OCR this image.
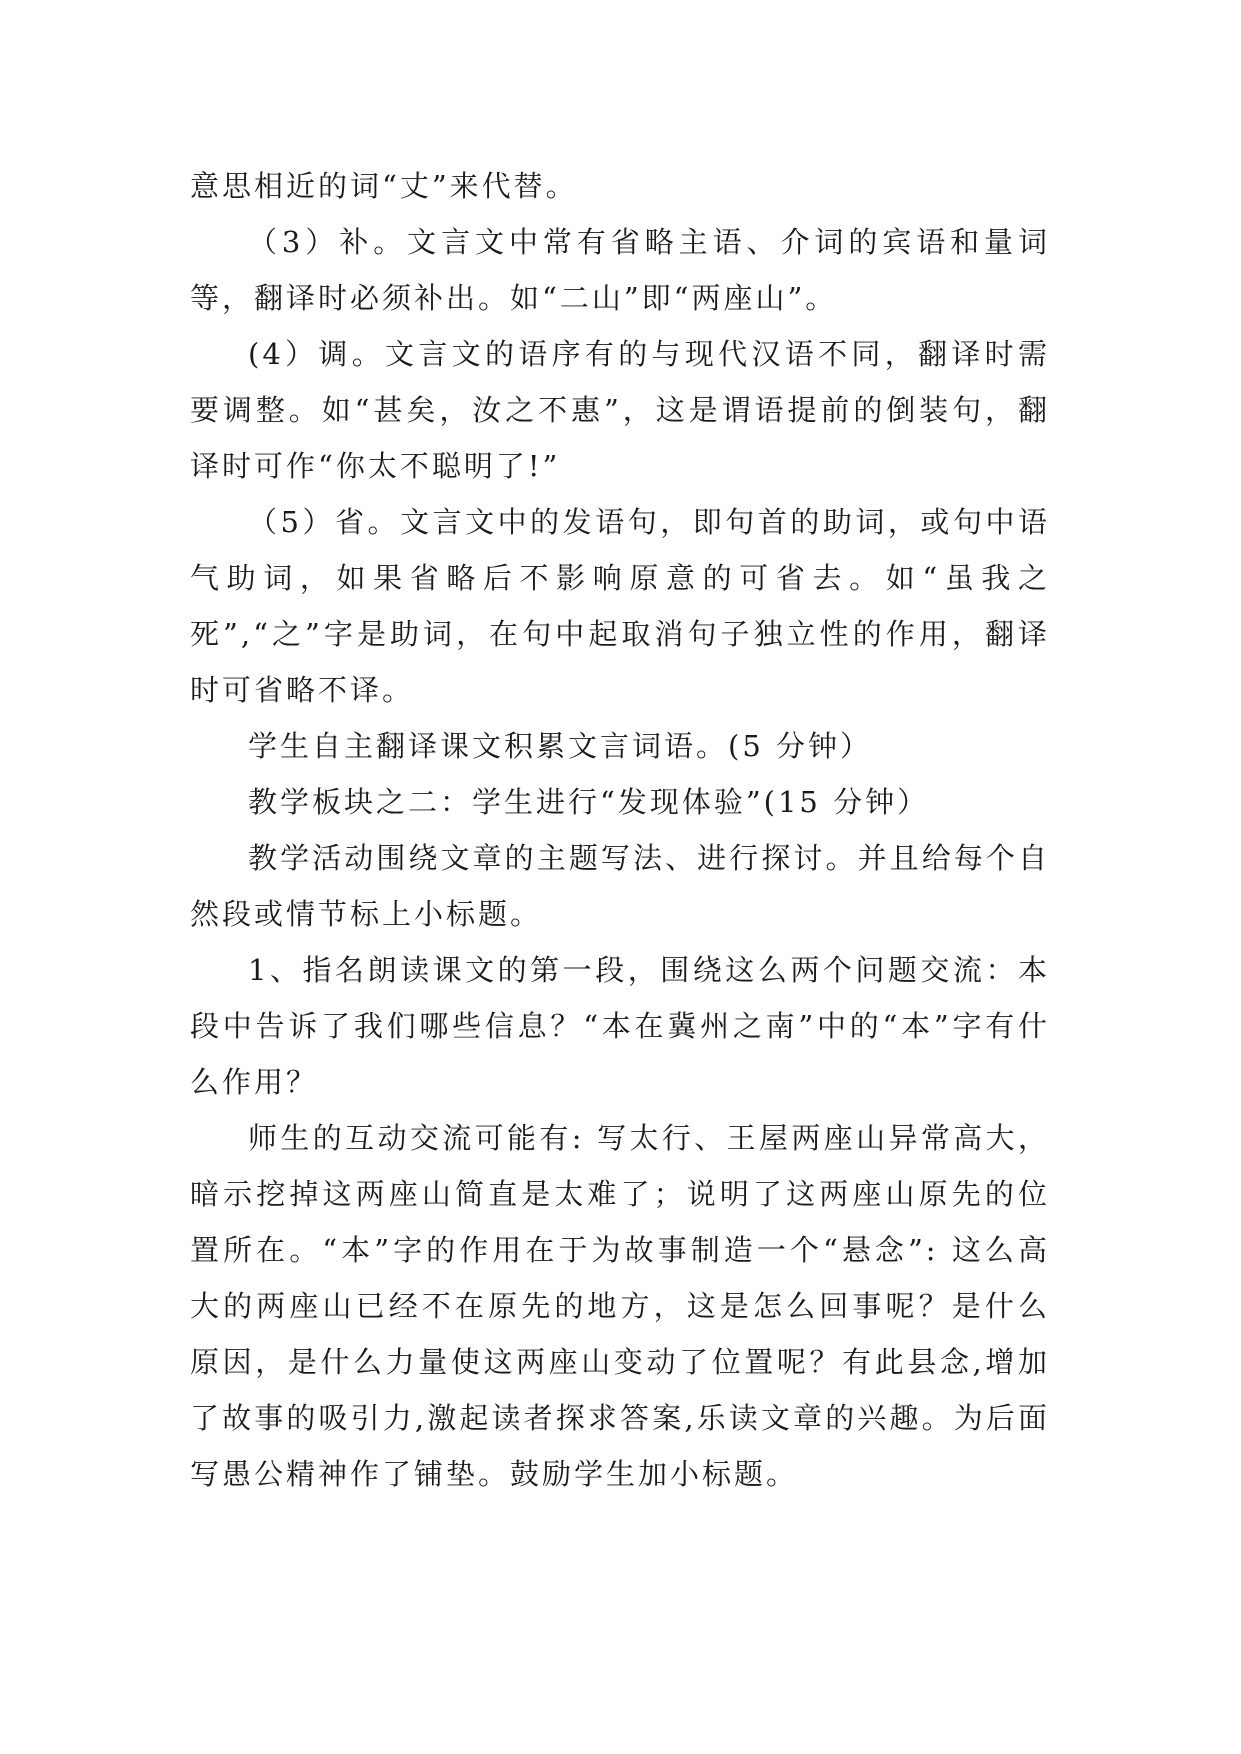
意思相近的词“丈”来代替。

（3）补。文言文中常有省略主语、介词的宾语和量词等，翻译时必须补出。如“二山”即“两座山”。

(4）调。文言文的语序有的与现代汉语不同，翻译时需要调整。如“甚矣，汝之不惠”，这是谓语提前的倒装句，翻译时可作“你太不聪明了!”

（5）省。文言文中的发语句，即句首的助词，或句中语气助词，如果省略后不影响原意的可省去。如“虽我之死”,“之”字是助词，在句中起取消句子独立性的作用，翻译时可省略不译。

学生自主翻译课文积累文言词语。(5 分钟）

教学板块之二：学生进行“发现体验”(15 分钟）

教学活动围绕文章的主题写法、进行探讨。并且给每个自然段或情节标上小标题。

1、指名朗读课文的第一段，围绕这么两个问题交流：本段中告诉了我们哪些信息？“本在冀州之南”中的“本”字有什么作用？

师生的互动交流可能有: 写太行、王屋两座山异常高大，暗示挖掉这两座山简直是太难了；说明了这两座山原先的位置所在。“本”字的作用在于为故事制造一个“悬念”: 这么高大的两座山已经不在原先的地方，这是怎么回事呢？是什么原因，是什么力量使这两座山变动了位置呢？有此县念,增加了故事的吸引力,激起读者探求答案,乐读文章的兴趣。为后面写愚公精神作了铺垫。鼓励学生加小标题。
